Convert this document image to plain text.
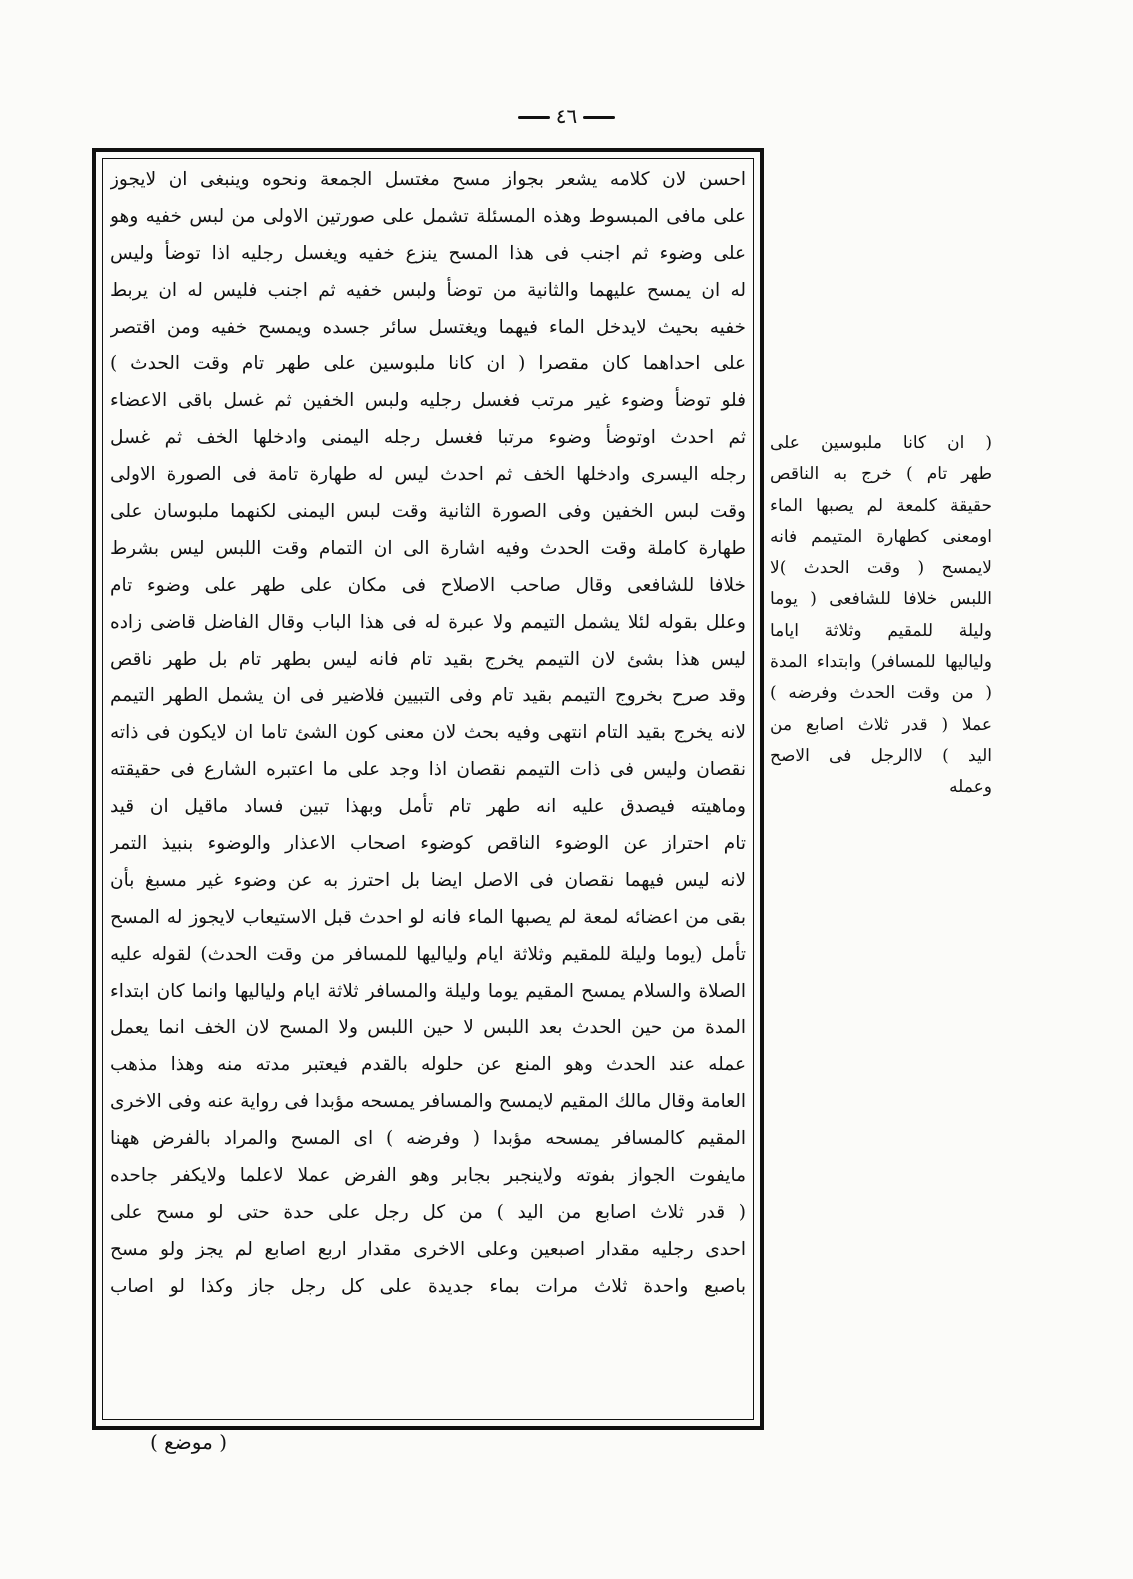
٤٦
احسن لان كلامه يشعر بجواز مسح مغتسل الجمعة ونحوه وينبغى ان لايجوز
على مافى المبسوط وهذه المسئلة تشمل على صورتين الاولى من لبس خفيه وهو
على وضوء ثم اجنب فى هذا المسح ينزع خفيه ويغسل رجليه اذا توضأ وليس
له ان يمسح عليهما والثانية من توضأ ولبس خفيه ثم اجنب فليس له ان يربط
خفيه بحيث لايدخل الماء فيهما ويغتسل سائر جسده ويمسح خفيه ومن اقتصر
على احداهما كان مقصرا ( ان كانا ملبوسين على طهر تام وقت الحدث )
فلو توضأ وضوء غير مرتب فغسل رجليه ولبس الخفين ثم غسل باقى الاعضاء
ثم احدث اوتوضأ وضوء مرتبا فغسل رجله اليمنى وادخلها الخف ثم غسل
رجله اليسرى وادخلها الخف ثم احدث ليس له طهارة تامة فى الصورة الاولى
وقت لبس الخفين وفى الصورة الثانية وقت لبس اليمنى لكنهما ملبوسان على
طهارة كاملة وقت الحدث وفيه اشارة الى ان التمام وقت اللبس ليس بشرط
خلافا للشافعى وقال صاحب الاصلاح فى مكان على طهر على وضوء تام
وعلل بقوله لئلا يشمل التيمم ولا عبرة له فى هذا الباب وقال الفاضل قاضى زاده
ليس هذا بشئ لان التيمم يخرج بقيد تام فانه ليس بطهر تام بل طهر ناقص
وقد صرح بخروج التيمم بقيد تام وفى التبيين فلاضير فى ان يشمل الطهر التيمم
لانه يخرج بقيد التام انتهى وفيه بحث لان معنى كون الشئ تاما ان لايكون فى ذاته
نقصان وليس فى ذات التيمم نقصان اذا وجد على ما اعتبره الشارع فى حقيقته
وماهيته فيصدق عليه انه طهر تام تأمل وبهذا تبين فساد ماقيل ان قيد
تام احتراز عن الوضوء الناقص كوضوء اصحاب الاعذار والوضوء بنبيذ التمر
لانه ليس فيهما نقصان فى الاصل ايضا بل احترز به عن وضوء غير مسبغ بأن
بقى من اعضائه لمعة لم يصبها الماء فانه لو احدث قبل الاستيعاب لايجوز له المسح
تأمل (يوما وليلة للمقيم وثلاثة ايام ولياليها للمسافر من وقت الحدث) لقوله عليه
الصلاة والسلام يمسح المقيم يوما وليلة والمسافر ثلاثة ايام ولياليها وانما كان ابتداء
المدة من حين الحدث بعد اللبس لا حين اللبس ولا المسح لان الخف انما يعمل
عمله عند الحدث وهو المنع عن حلوله بالقدم فيعتبر مدته منه وهذا مذهب
العامة وقال مالك المقيم لايمسح والمسافر يمسحه مؤبدا فى رواية عنه وفى الاخرى
المقيم كالمسافر يمسحه مؤبدا ( وفرضه ) اى المسح والمراد بالفرض ههنا
مايفوت الجواز بفوته ولاينجبر بجابر وهو الفرض عملا لاعلما ولايكفر جاحده
( قدر ثلاث اصابع من اليد ) من كل رجل على حدة حتى لو مسح على
احدى رجليه مقدار اصبعين وعلى الاخرى مقدار اربع اصابع لم يجز ولو مسح
باصبع واحدة ثلاث مرات بماء جديدة على كل رجل جاز وكذا لو اصاب
( ان كانا ملبوسين على
طهر تام ) خرج به الناقص
حقيقة كلمعة لم يصبها الماء
اومعنى كطهارة المتيمم فانه
لايمسح ( وقت الحدث )لا
اللبس خلافا للشافعى ( يوما
وليلة للمقيم وثلاثة اياما
ولياليها للمسافر) وابتداء المدة
( من وقت الحدث وفرضه )
عملا ( قدر ثلاث اصابع من
اليد ) لاالرجل فى الاصح
وعمله
( موضع )
